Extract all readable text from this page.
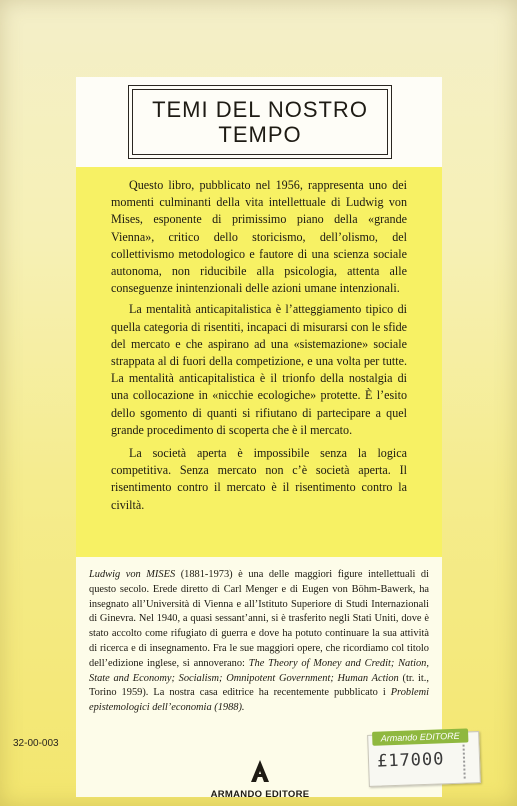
TEMI DEL NOSTRO
TEMPO

Questo libro, pubblicato nel 1956, rappresenta uno dei momenti culminanti della vita intellettuale di Ludwig von Mises, esponente di primissimo piano della «grande Vienna», critico dello storicismo, dell’olismo, del collettivismo metodologico e fautore di una scienza sociale autonoma, non riducibile alla psicologia, attenta alle conseguenze inintenzionali delle azioni umane intenzionali.

La mentalità anticapitalistica è l’atteggiamento tipico di quella categoria di risentiti, incapaci di misurarsi con le sfide del mercato e che aspirano ad una «sistemazione» sociale strappata al di fuori della competizione, e una volta per tutte. La mentalità anticapitalistica è il trionfo della nostalgia di una collocazione in «nicchie ecologiche» protette. È l’esito dello sgomento di quanti si rifiutano di partecipare a quel grande procedimento di scoperta che è il mercato.

La società aperta è impossibile senza la logica competitiva. Senza mercato non c’è società aperta. Il risentimento contro il mercato è il risentimento contro la civiltà.

Ludwig von MISES (1881-1973) è una delle maggiori figure intellettuali di questo secolo. Erede diretto di Carl Menger e di Eugen von Böhm-Bawerk, ha insegnato all’Università di Vienna e all’Istituto Superiore di Studi Internazionali di Ginevra. Nel 1940, a quasi sessant’anni, si è trasferito negli Stati Uniti, dove è stato accolto come rifugiato di guerra e dove ha potuto continuare la sua attività di ricerca e di insegnamento. Fra le sue maggiori opere, che ricordiamo col titolo dell’edizione inglese, si annoverano: The Theory of Money and Credit; Nation, State and Economy; Socialism; Omnipotent Government; Human Action (tr. it., Torino 1959). La nostra casa editrice ha recentemente pubblicato i Problemi epistemologici dell’economia (1988).
32-00-003
Armando EDITORE
£17000
ARMANDO EDITORE
